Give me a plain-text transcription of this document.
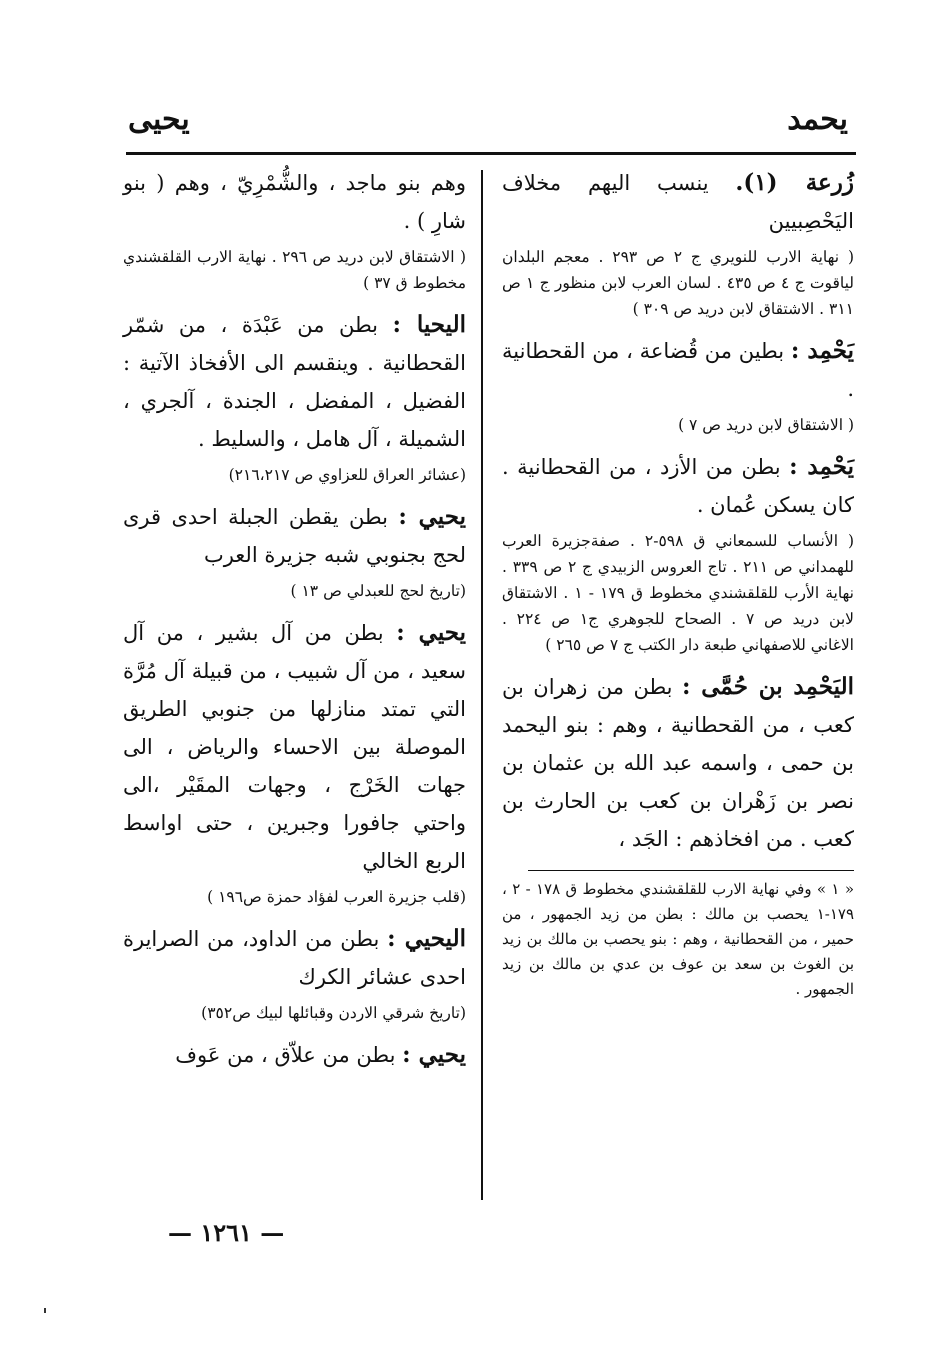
يحمد
يحيى

زُرعة (١). ينسب اليهم مخلاف اليَحْصِبيين

( نهاية الارب للنويري ج ٢ ص ٢٩٣ . معجم البلدان لياقوت ج ٤ ص ٤٣٥ . لسان العرب لابن منظور ج ١ ص ٣١١ . الاشتقاق لابن دريد ص ٣٠٩ )

يَحْمِد : بطين من قُضاعة ، من القحطانية .

( الاشتقاق لابن دريد ص ٧ )

يَحْمِد : بطن من الأزد ، من القحطانية . كان يسكن عُمان .

( الأنساب للسمعاني ق ٥٩٨-٢ . صفةجزيرة العرب للهمداني ص ٢١١ . تاج العروس الزبيدي ج ٢ ص ٣٣٩ . نهاية الأرب للقلقشندي مخطوط ق ١٧٩ - ١ . الاشتقاق لابن دريد ص ٧ . الصحاح للجوهري ج١ ص ٢٢٤ . الاغاني للاصفهاني طبعة دار الكتب ج ٧ ص ٢٦٥ )

اليَحْمِد بن حُمَّى : بطن من زهران بن كعب ، من القحطانية ، وهم : بنو اليحمد بن حمى ، واسمه عبد الله بن عثمان بن نصر بن زَهْران بن كعب بن الحارث بن كعب . من افخاذهم : الجَد ،

« ١ » وفي نهاية الارب للقلقشندي مخطوط ق ١٧٨ - ٢ ، ١٧٩-١ يحصب بن مالك : بطن من زيد الجمهور ، من حمير ، من القحطانية ، وهم : بنو يحصب بن مالك بن زيد بن الغوث بن سعد بن عوف بن عدي بن مالك بن زيد الجمهور .

وهم بنو ماجد ، والشُّمْرِيّ ، وهم ( بنو شارِ ) .

( الاشتقاق لابن دريد ص ٢٩٦ . نهاية الارب القلقشندي مخطوط ق ٣٧ )

اليحيا : بطن من عَبْدَة ، من شمّر القحطانية . وينقسم الى الأفخاذ الآتية : الفضيل ، المفضل ، الجندة ، آلجري ، الشميلة ، آل هامل ، والسليط .

(عشائر العراق للعزاوي ص ٢١٦،٢١٧)

يحيي : بطن يقطن الجبلة احدى قرى لحج بجنوبي شبه جزيرة العرب

(تاريخ لحج للعبدلي ص ١٣ )

يحيي : بطن من آل بشير ، من آل سعيد ، من آل شبيب ، من قبيلة آل مُرَّة التي تمتد منازلها من جنوبي الطريق الموصلة بين الاحساء والرياض ، الى جهات الخَرْج ، وجهات المقَيْر ،الى واحتي جافورا وجبرين ، حتى اواسط الربع الخالي

(قلب جزيرة العرب لفؤاد حمزة ص١٩٦ )

اليحيي : بطن من الداود، من الصرايرة احدى عشائر الكرك

(تاريخ شرقي الاردن وقبائلها لبيك ص٣٥٢)

يحيي : بطن من علاّق ، من عَوف

— ١٢٦١ —
